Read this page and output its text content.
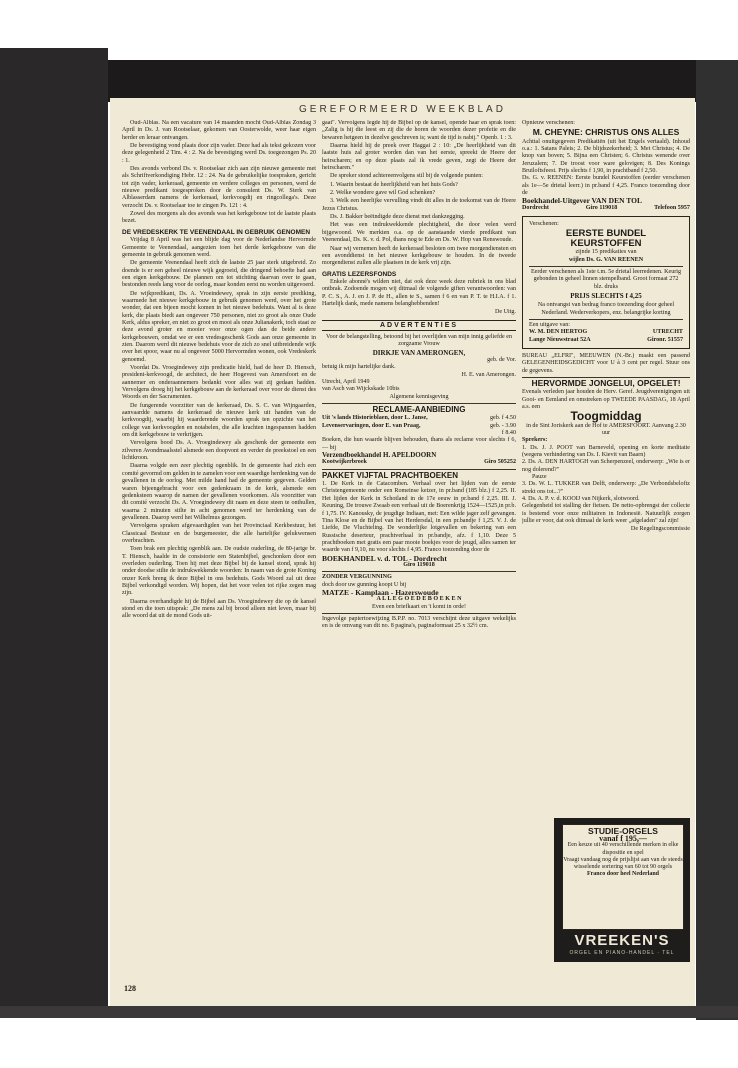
GEREFORMEERD WEEKBLAD

Oud-Alblas. Na een vacature van 14 maanden mocht Oud-Alblas Zondag 3 April in Ds. J. van Rootselaar, gekomen van Oosterwolde, weer haar eigen herder en leraar ontvangen.

De bevestiging vond plaats door zijn vader. Deze had als tekst gekozen voor deze gelegenheid 2 Tim. 4 : 2. Na de bevestiging werd Ds. toegezongen Ps. 20 : 1.

Des avonds verbond Ds. v. Rootselaar zich aan zijn nieuwe gemeente met als Schriftverkondiging Hebr. 12 : 24. Na de gebruikelijke toespraken, gericht tot zijn vader, kerkeraad, gemeente en verdere colleges en personen, werd de nieuwe predikant toegesproken door de consulent Ds. W. Sterk van Alblasserdam namens de kerkeraad, kerkvoogdij en ringcollega's. Deze verzocht Ds. v. Rootselaar toe te zingen Ps. 121 : 4.

Zowel des morgens als des avonds was het kerkgebouw tot de laatste plaats bezet.

DE VREDESKERK TE VEENENDAAL IN GEBRUIK GENOMEN

Vrijdag 8 April was het een blijde dag voor de Nederlandse Hervormde Gemeente te Veenendaal, aangezien toen het derde kerkgebouw van die gemeente in gebruik genomen werd.

De gemeente Veenendaal heeft zich de laatste 25 jaar sterk uitgebreid. Zo doende is er een geheel nieuwe wijk gegroeid, die dringend behoefte had aan een eigen kerkgebouw. De plannen om tot stichting daarvan over te gaan, bestonden reeds lang voor de oorlog, maar konden eerst nu worden uitgevoerd.

De wijkpredikant, Ds. A. Vroeindewey, sprak in zijn eerste prediking, waarmede het nieuwe kerkgebouw in gebruik genomen werd, over het grote wonder, dat een bijeen mocht komen in het nieuwe bedehuis. Want al is deze kerk, die plaats biedt aan ongeveer 750 personen, niet zo groot als onze Oude Kerk, aldus spreker, en niet zo groot en mooi als onze Julianakerk, toch staat ze deze avond groter en mooier voor onze ogen dan de beide andere kerkgebouwen, omdat we er een vredesgeschenk Gods aan onze gemeente in zien. Daarom werd dit nieuwe bedehuis voor de zich zo snel uitbreidende wijk over het spoor, waar nu al ongeveer 5000 Hervormden wonen, ook Vredeskerk genoemd.

Voordat Ds. Vroegindewey zijn predicatie hield, had de heer D. Hiensch, president-kerkvoogd, de architect, de heer Hogevest van Amersfoort en de aannemer en onderaannemers bedankt voor alles wat zij gedaan hadden. Vervolgens droeg hij het kerkgebouw aan de kerkeraad over voor de dienst des Woords en der Sacramenten.

De fungerende voorzitter van de kerkeraad, Ds. S. C. van Wijngaarden, aanvaardde namens de kerkeraad de nieuwe kerk uit handen van de kerkvoogdij, waarbij hij waarderende woorden sprak ten opzichte van het college van kerkvoogden en notabelen, die alle krachten ingespannen hadden om dit kerkgebouw te verkrijgen.

Vervolgens bood Ds. A. Vroegindewey als geschenk der gemeente een zilveren Avondmaalsstel alsmede een doopvont en verder de preekstoel en een lichtkroon.

Daarna volgde een zeer plechtig ogenblik. In de gemeente had zich een comité gevormd om gelden in te zamelen voor een waardige herdenking van de gevallenen in de oorlog. Met milde hand had de gemeente gegeven. Gelden waren bijeengebracht voor een gedenkraam in de kerk, alsmede een gedenksteen waarop de namen der gevallenen voorkomen. Als voorzitter van dit comité verzocht Ds. A. Vroegindewey dit raam en deze steen te onthullen, waarna 2 minuten stilte in acht genomen werd ter herdenking van de gevallenen. Daarop werd het Wilhelmus gezongen.

Vervolgens spraken afgevaardigden van het Provinciaal Kerkbestuur, het Classicaal Bestuur en de burgemeester, die alle hartelijke gelukwensen overbrachten.

Toen brak een plechtig ogenblik aan. De oudste ouderling, de 80-jarige br. T. Hiensch, haalde in de consistorie een Statenbijbel, geschonken door een overleden ouderling. Toen hij met deze Bijbel bij de kansel stond, sprak hij onder doodse stilte de indrukwekkende woorden: In naam van de grote Koning onzer Kerk breng ik deze Bijbel in ons bedehuis. Gods Woord zal uit deze Bijbel verkondigd worden. Wij hopen, dat het voor velen tot rijke zegen mag zijn.

Daarna overhandigde hij de Bijbel aan Ds. Vroegindewey die op de kansel stond en die toen uitsprak: „De mens zal bij brood alleen niet leven, maar bij alle woord dat uit de mond Gods uit-

gaat". Vervolgens legde hij de Bijbel op de kansel, opende haar en sprak toen: „Zalig is hij die leest en zij die de horen de woorden dezer profetie en die bewaren hetgeen in dezelve geschreven is; want de tijd is nabij." Openb. 1 : 3.

Daarna hield hij de preek over Haggai 2 : 10: „De heerlijkheid van dit laatste huis zal groter worden dan van het eerste, spreekt de Heere der heirscharen; en op deze plaats zal ik vrede geven, zegt de Heere der heirscharen."

De spreker stond achtereenvolgens stil bij de volgende punten:

1. Waarin bestaat de heerlijkheid van het huis Gods?

2. Welke wondere gave wil God schenken?

3. Welk een heerlijke vervulling vindt dit alles in de toekomst van de Heere Jezus Christus.

Ds. J. Bakker beëindigde deze dienst met dankzegging.

Het was een indrukwekkende plechtigheid, die door velen werd bijgewoond. We merkten o.a. op de aanstaande vierde predikant van Veenendaal, Ds. K. v. d. Pol, thans nog te Ede en Ds. W. Hop van Renswoude.

Naar wij vernemen heeft de kerkeraad besloten om twee morgendiensten en een avonddienst in het nieuwe kerkgebouw te houden. In de tweede morgendienst zullen alle plaatsen in de kerk vrij zijn.

GRATIS LEZERSFONDS

Enkele abonné's wilden niet, dat ook deze week deze rubriek in ons blad ontbrak. Zodoende mogen wij ditmaal de volgende giften verantwoorden: van P. C. S., A. J. en J. P. de H., allen te S., samen f 6 en van P. T. te H.I.A. f 1. Hartelijk dank, mede namens belanghebbenden!

De Uitg.

ADVERTENTIES

Voor de belangstelling, betoond bij het overlijden van mijn innig geliefde en zorgzame Vrouw

DIRKJE VAN AMERONGEN,
geb. de Vor.
betuig ik mijn hartelijke dank.
H. E. van Amerongen.
Utrecht, April 1949
van Asch van Wijckskade 10bis
Algemene kennisgeving
RECLAME-AANBIEDING
Uit 's lands Historieblaen, door L. Janse,	geb. f 4.50
Levenservaringen, door E. van Praag,	geb. - 3.90
f 8.40
Boeken, die hun waarde blijven behouden, thans als reclame voor slechts f 6,— bij
Verzendboekhandel H. APELDOORN
Kootwijkerbroek	Giro 505252
PAKKET VIJFTAL PRACHTBOEKEN
1. De Kerk in de Catacomben. Verhaal over het lijden van de eerste Christengemeente onder een Romeinse keizer, in pr.band (185 blz.) f 2,25. II. Het lijden der Kerk in Schotland in de 17e eeuw in pr.band f 2,25. III. J. Keuning, De trouwe Zwaab een verhaal uit de Boerenkrijg 1524—1525,in pr.b. f 1,75. IV. Kanousky, de jeugdige Indiaan, met: Een wilde jager zelf gevangen. Tina Klose en de Bijbel van het Herdersdal, in een pr.bandje f 1,25. V. J. de Liefde, De Vluchteling. De wonderlijke lotgevallen en bekering van een Russische deserteur, prachtverhaal in pr.bandje, afz. f 1,10. Deze 5 prachtboeken met gratis een paar mooie boekjes voor de jeugd, alles samen ter waarde van f 9,10, nu voor slechts f 4,95. Franco toezending door de
BOEKHANDEL v. d. TOL - Dordrecht
Giro 119018
ZONDER VERGUNNING
doch door uw gunning koopt U bij
MATZE - Kamplaan - Hazerswoude
A L L E G O E D E B O E K E N
Even een briefkaart en 't komt in orde!
Ingevolge papiertoewijzing B.P.P. no. 7013 verschijnt deze uitgave wekelijks en is de omvang van dit no. 8 pagina's, paginaformaat 25 x 32½ cm.
Opnieuw verschenen:
M. CHEYNE: CHRISTUS ONS ALLES
Achttal onuitgegeven Predikatiën (uit het Engels vertaald). Inhoud o.a.: 1. Satans Paleis; 2. De blijdszekerheid; 3. Met Christus; 4. De knop van boven; 5. Bijna een Christen; 6. Christus wenende over Jeruzalem; 7. De troost voor ware gelovigen; 8. Des Konings Bruiloftsfeest. Prijs slechts f 1,90, in prachtband f 2,50.
Ds. G. v. REENEN: Eerste bundel Keurstoffen (eerder verschenen als 1e—5e drietal leerr.) in pr.band f 4,25. Franco toezending door de
Boekhandel-Uitgever VAN DEN TOL
Dordrecht	Giro 119018	Telefoon 5957
Verschenen:
EERSTE BUNDEL
KEURSTOFFEN
zijnde 15 predikaties van
wijlen Ds. G. VAN REENEN
Eerder verschenen als 1ste t.m. 5e drietal leerredenen. Keurig gebonden in geheel linnen stempelband. Groot formaat 272 blz. druks
PRIJS SLECHTS f 4,25
Na ontvangst van bedrag franco toezending door geheel Nederland. Wederverkopers, enz. belangrijke korting
Een uitgave van:
W. M. DEN HERTOG	UTRECHT
Lange Nieuwstraat 52A	Gironr. 51557
BUREAU „ELFRI", MEEUWEN (N.-Br.) maakt een passend GELEGENHEIDSGEDICHT voor U à 3 cent per regel. Stuur ons de gegevens.
HERVORMDE JONGELUI, OPGELET!
Evenals verleden jaar houden de Herv. Geref. Jeugdverenigingen uit Gooi- en Eemland en omstreken op TWEEDE PAASDAG, 18 April a.s. een
Toogmiddag
in de Sint Joriskerk aan de Hof te AMERSFOORT. Aanvang 2.30 uur
Sprekers:
1. Ds. J. J. POOT van Barneveld, opening en korte meditatie (wegens verhindering van Ds. I. Kievit van Baarn)
2. Ds. A. DEN HARTOGH van Scherpenzeel, onderwerp: „Wie is er nog dolerend?"
Pauze
3. Ds. W. L. TUKKER van Delft, onderwerp: „De Verbondsbeloftz strekt ons tot...?"
4. Ds. A. P. v. d. KOOIJ van Nijkerk, slotwoord.
Gelegenheid tot stalling der fietsen. De netto-opbrengst der collecte is bestemd voor onze militairen in Indonesië. Natuurlijk zorgen jullie er voor, dat ook ditmaal de kerk weer „afgeladen" zal zijn!
De Regelingscommissie
128
STUDIE-ORGELS
vanaf f 195,—
Een keuze uit 40 verschillende merken in elke dispositie en spel
Vraagt vandaag nog de prijslijst aan van de steeds wisselende sortering van 60 tot 90 orgels
Franco door heel Nederland
VREEKEN'S
ORGEL EN PIANO-HANDEL · TEL
